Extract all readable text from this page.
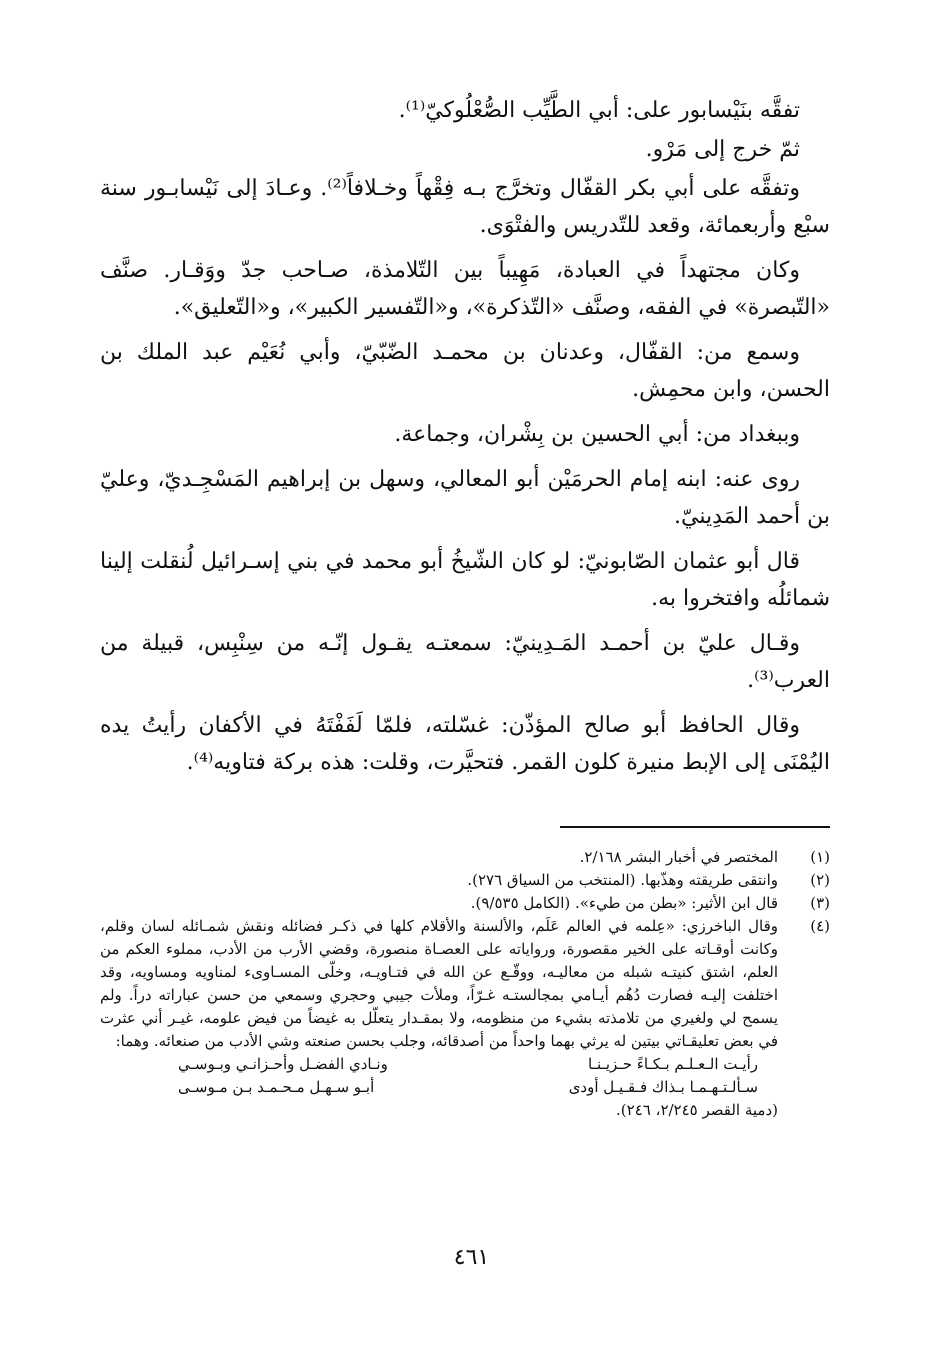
تفقَّه بنَيْسابور على: أبي الطَّيِّب الصُّعْلُوكيّ⁽¹⁾.

ثمّ خرج إلى مَرْو.

وتفقَّه على أبي بكر القفّال وتخرَّج بـه فِقْهاً وخـلافاً⁽²⁾. وعـادَ إلى نَيْسابـور سنة سبْع وأربعمائة، وقعد للتّدريس والفتْوَى.

وكان مجتهداً في العبادة، مَهِيباً بين التّلامذة، صـاحب جدّ ووَقـار. صنَّف «التّبصرة» في الفقه، وصنَّف «التّذكرة»، و«التّفسير الكبير»، و«التّعليق».

وسمع من: القفّال، وعدنان بن محمـد الضّبّيّ، وأبي نُعَيْم عبد الملك بن الحسن، وابن محمِش.

وببغداد من: أبي الحسين بن بِشْران، وجماعة.

روى عنه: ابنه إمام الحرمَيْن أبو المعالي، وسهل بن إبراهيم المَسْجِـديّ، وعليّ بن أحمد المَدِينيّ.

قال أبو عثمان الصّابونيّ: لو كان الشّيخُ أبو محمد في بني إسـرائيل لُنقلت إلينا شمائلُه وافتخروا به.

وقـال عليّ بن أحمـد المَـدِينيّ: سمعتـه يقـول إنّـه من سِنْبِس، قبيلة من العرب⁽³⁾.

وقال الحافظ أبو صالح المؤذّن: غسّلته، فلمّا لَفَفْتَهُ في الأكفان رأيتُ يده اليُمْنَى إلى الإبط منيرة كلون القمر. فتحيَّرت، وقلت: هذه بركة فتاويه⁽⁴⁾.

(١)
المختصر في أخبار البشر ٢/١٦٨.
(٢)
وانتقى طريقته وهذّبها. (المنتخب من السياق ٢٧٦).
(٣)
قال ابن الأثير: «بطن من طيء». (الكامل ٩/٥٣٥).
(٤)
وقال الباخرزي: «عِلمه في العالم عَلَم، والألسنة والأقلام كلها في ذكـر فضائله ونقش شمـائله لسان وقلم، وكانت أوقـاته على الخير مقصورة، ورواياته على العصـاة منصورة، وقضي الأرب من الأدب، مملوء العكم من العلم، اشتق كنيتـه شبله من معاليـه، ووقّـع عن الله في فتـاويـه، وخلّى المسـاوىء لمناويه ومساويه، وقد اختلفت إليـه فصارت دُهُم أيـامي بمجالستـه غـرّاً، وملأت جيبي وحجري وسمعي من حسن عباراته دراً. ولم يسمح لي ولغيري من تلامذته بشيء من منظومه، ولا بمقـدار يتعلّل به غيضاً من فيض علومه، غيـر أني عثرت في بعض تعليقـاتي بيتين له يرثي بهما واحداً من أصدقائه، وجلب بحسن صنعته وشي الأدب من صنعائه. وهما:
رأيـت الـعـلـم بـكـاءً حـزيـنـا
ونـادي الفضـل وأحـزانـي وبـوسـي
سـألـتـهـمـا بـذاك فـقـيـل أودى
أبـو سـهـل مـحـمـد بـن مـوسـى
(دمية القصر ٢/٢٤٥، ٢٤٦).
٤٦١
